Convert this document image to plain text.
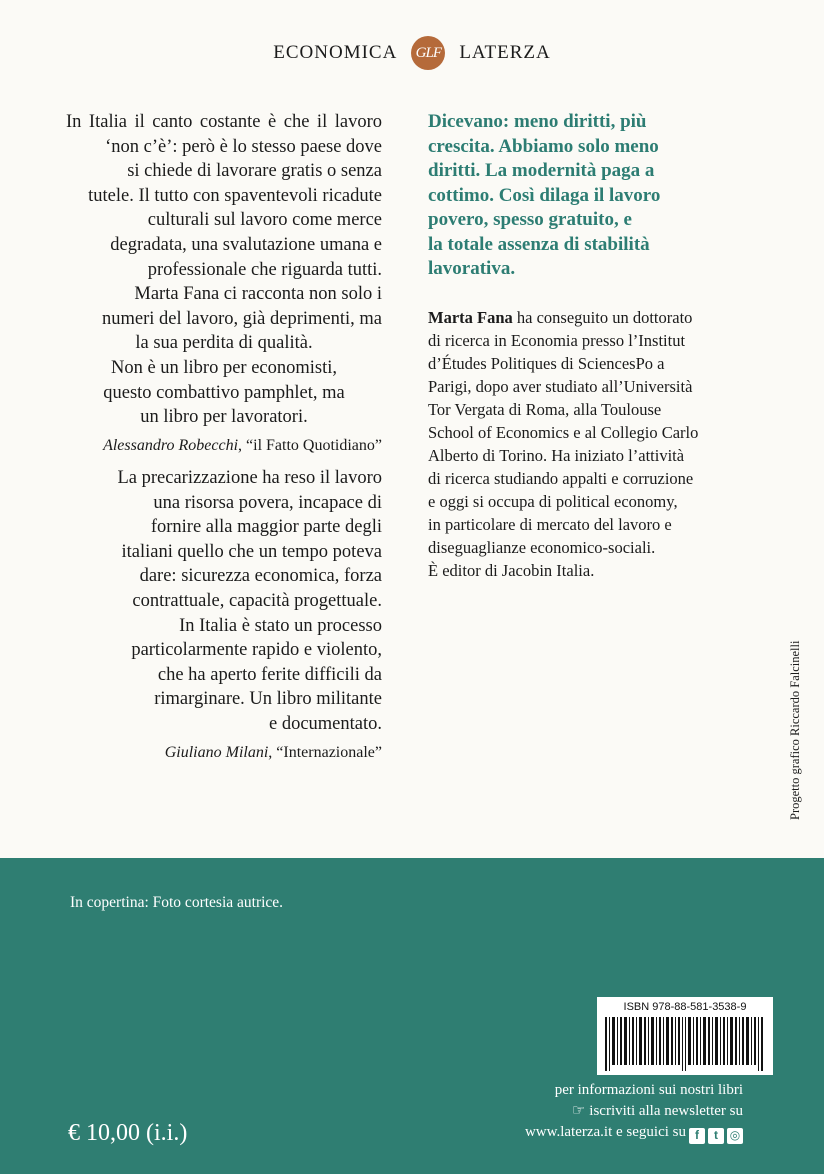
ECONOMICA GLF LATERZA
In Italia il canto costante è che il lavoro
‘non c’è’: però è lo stesso paese dove
si chiede di lavorare gratis o senza
tutele. Il tutto con spaventevoli ricadute
culturali sul lavoro come merce
degradata, una svalutazione umana e
professionale che riguarda tutti.
Marta Fana ci racconta non solo i
numeri del lavoro, già deprimenti, ma
la sua perdita di qualità.
Non è un libro per economisti,
questo combattivo pamphlet, ma
un libro per lavoratori.
Alessandro Robecchi, “il Fatto Quotidiano”
La precarizzazione ha reso il lavoro
una risorsa povera, incapace di
fornire alla maggior parte degli
italiani quello che un tempo poteva
dare: sicurezza economica, forza
contrattuale, capacità progettuale.
In Italia è stato un processo
particolarmente rapido e violento,
che ha aperto ferite difficili da
rimarginare. Un libro militante
e documentato.
Giuliano Milani, “Internazionale”
Dicevano: meno diritti, più
crescita. Abbiamo solo meno
diritti. La modernità paga a
cottimo. Così dilaga il lavoro
povero, spesso gratuito, e
la totale assenza di stabilità
lavorativa.
Marta Fana ha conseguito un dottorato
di ricerca in Economia presso l’Institut
d’Études Politiques di SciencesPo a
Parigi, dopo aver studiato all’Università
Tor Vergata di Roma, alla Toulouse
School of Economics e al Collegio Carlo
Alberto di Torino. Ha iniziato l’attività
di ricerca studiando appalti e corruzione
e oggi si occupa di political economy,
in particolare di mercato del lavoro e
diseguaglianze economico-sociali.
È editor di Jacobin Italia.
Progetto grafico Riccardo Falcinelli
In copertina: Foto cortesia autrice.
ISBN 978-88-581-3538-9
€ 10,00 (i.i.)
per informazioni sui nostri libri
☞ iscriviti alla newsletter su
www.laterza.it e seguici su f	t ◎
